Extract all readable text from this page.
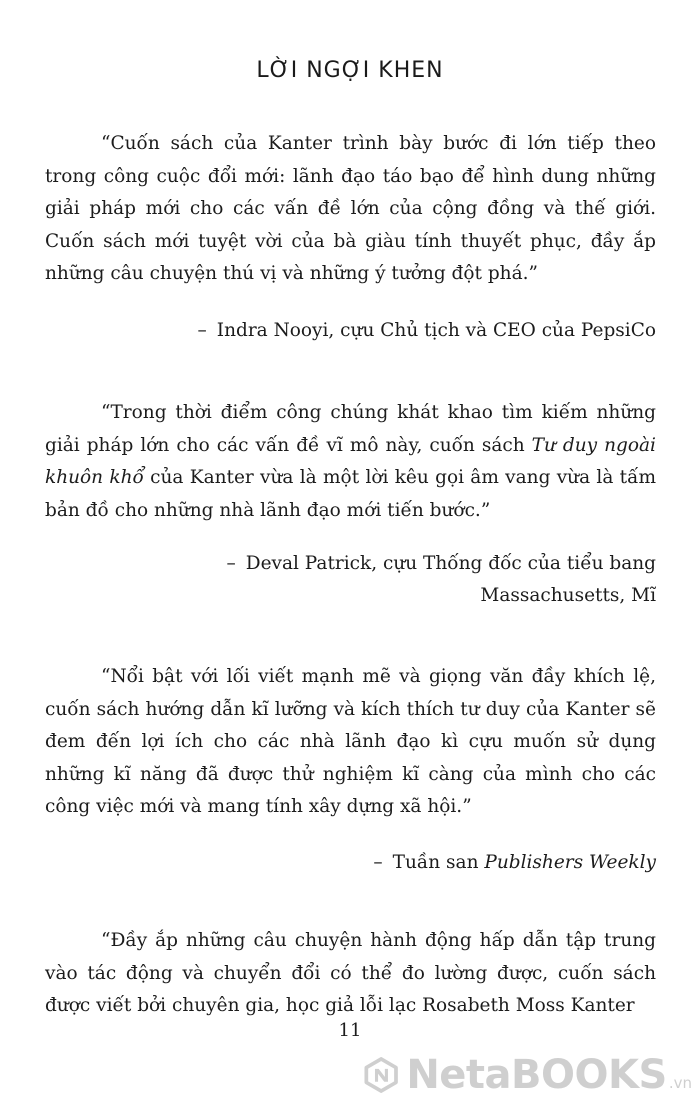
LỜI NGỢI KHEN

“Cuốn sách của Kanter trình bày bước đi lớn tiếp theo trong công cuộc đổi mới: lãnh đạo táo bạo để hình dung những giải pháp mới cho các vấn đề lớn của cộng đồng và thế giới. Cuốn sách mới tuyệt vời của bà giàu tính thuyết phục, đầy ắp những câu chuyện thú vị và những ý tưởng đột phá.”

– Indra Nooyi, cựu Chủ tịch và CEO của PepsiCo

“Trong thời điểm công chúng khát khao tìm kiếm những giải pháp lớn cho các vấn đề vĩ mô này, cuốn sách Tư duy ngoài khuôn khổ của Kanter vừa là một lời kêu gọi âm vang vừa là tấm bản đồ cho những nhà lãnh đạo mới tiến bước.”

– Deval Patrick, cựu Thống đốc của tiểu bang
Massachusetts, Mĩ

“Nổi bật với lối viết mạnh mẽ và giọng văn đầy khích lệ, cuốn sách hướng dẫn kĩ lưỡng và kích thích tư duy của Kanter sẽ đem đến lợi ích cho các nhà lãnh đạo kì cựu muốn sử dụng những kĩ năng đã được thử nghiệm kĩ càng của mình cho các công việc mới và mang tính xây dựng xã hội.”

– Tuần san Publishers Weekly

“Đầy ắp những câu chuyện hành động hấp dẫn tập trung vào tác động và chuyển đổi có thể đo lường được, cuốn sách được viết bởi chuyên gia, học giả lỗi lạc Rosabeth Moss Kanter

11
NetaBOOKS .vn
